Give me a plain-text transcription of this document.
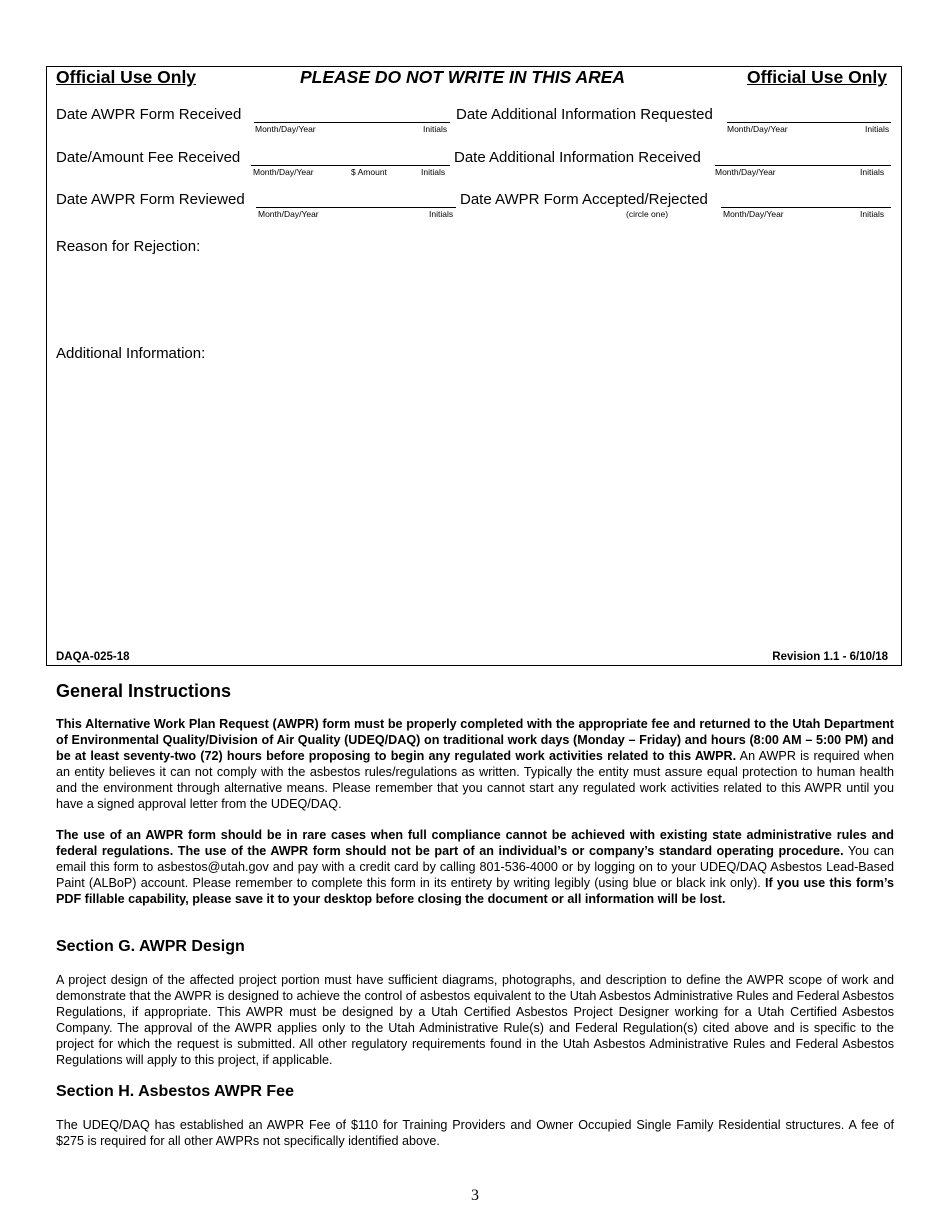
Official Use Only	PLEASE DO NOT WRITE IN THIS AREA	Official Use Only
Date AWPR Form Received
Month/Day/Year	Initials
Date Additional Information Requested
Month/Day/Year	Initials
Date/Amount Fee Received
Month/Day/Year	$ Amount	Initials
Date Additional Information Received
Month/Day/Year	Initials
Date AWPR Form Reviewed
Month/Day/Year	Initials
Date AWPR Form Accepted/Rejected
(circle one)	Month/Day/Year	Initials
Reason for Rejection:
Additional Information:
DAQA-025-18	Revision 1.1 - 6/10/18
General Instructions

This Alternative Work Plan Request (AWPR) form must be properly completed with the appropriate fee and returned to the Utah Department of Environmental Quality/Division of Air Quality (UDEQ/DAQ) on traditional work days (Monday – Friday) and hours (8:00 AM – 5:00 PM) and be at least seventy-two (72) hours before proposing to begin any regulated work activities related to this AWPR. An AWPR is required when an entity believes it can not comply with the asbestos rules/regulations as written. Typically the entity must assure equal protection to human health and the environment through alternative means. Please remember that you cannot start any regulated work activities related to this AWPR until you have a signed approval letter from the UDEQ/DAQ.

The use of an AWPR form should be in rare cases when full compliance cannot be achieved with existing state administrative rules and federal regulations. The use of the AWPR form should not be part of an individual’s or company’s standard operating procedure. You can email this form to asbestos@utah.gov and pay with a credit card by calling 801-536-4000 or by logging on to your UDEQ/DAQ Asbestos Lead-Based Paint (ALBoP) account. Please remember to complete this form in its entirety by writing legibly (using blue or black ink only). If you use this form’s PDF fillable capability, please save it to your desktop before closing the document or all information will be lost.

Section G. AWPR Design

A project design of the affected project portion must have sufficient diagrams, photographs, and description to define the AWPR scope of work and demonstrate that the AWPR is designed to achieve the control of asbestos equivalent to the Utah Asbestos Administrative Rules and Federal Asbestos Regulations, if appropriate. This AWPR must be designed by a Utah Certified Asbestos Project Designer working for a Utah Certified Asbestos Company. The approval of the AWPR applies only to the Utah Administrative Rule(s) and Federal Regulation(s) cited above and is specific to the project for which the request is submitted. All other regulatory requirements found in the Utah Asbestos Administrative Rules and Federal Asbestos Regulations will apply to this project, if applicable.

Section H. Asbestos AWPR Fee

The UDEQ/DAQ has established an AWPR Fee of $110 for Training Providers and Owner Occupied Single Family Residential structures. A fee of $275 is required for all other AWPRs not specifically identified above.

3
